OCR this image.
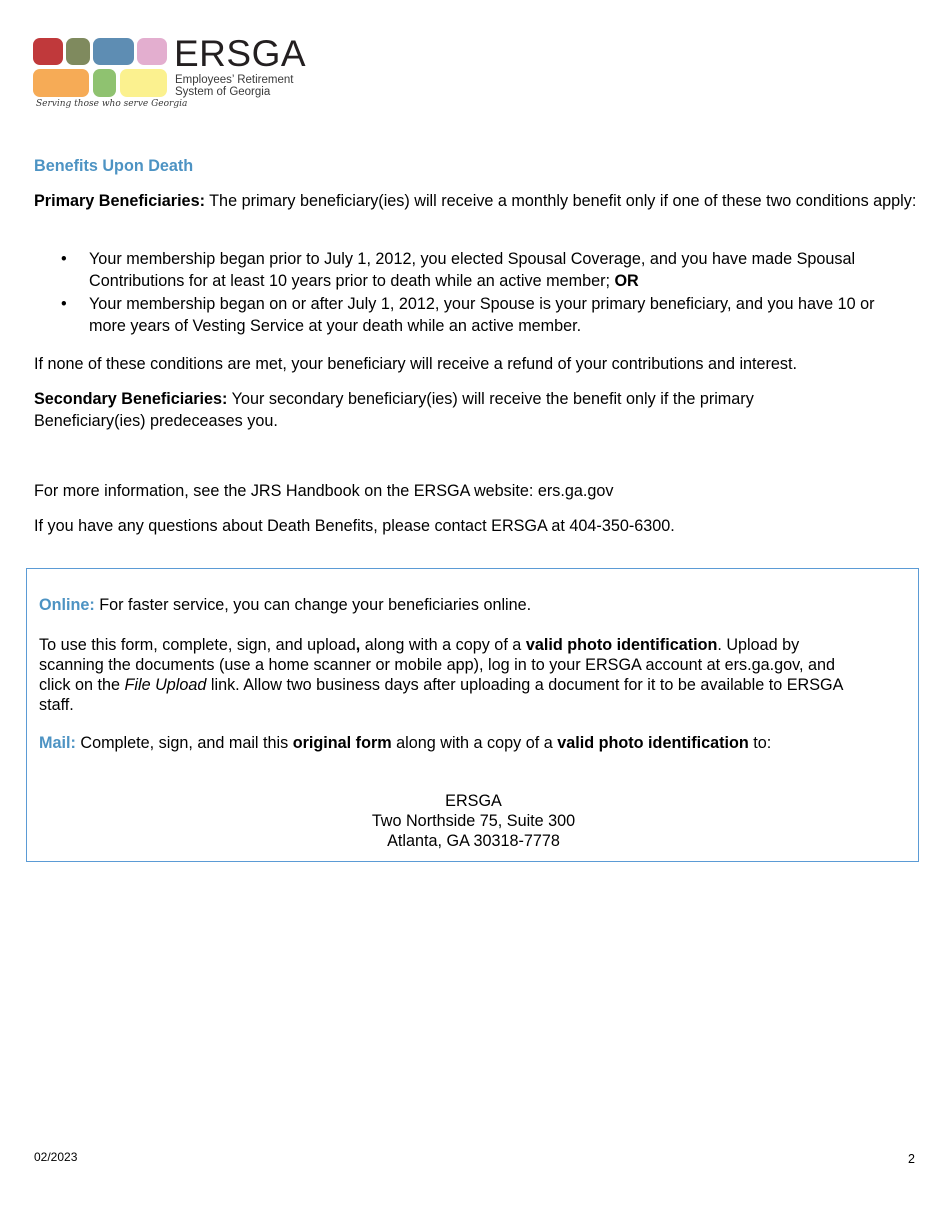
ERSGA
Employees’ Retirement
System of Georgia
Serving those who serve Georgia
Benefits Upon Death

Primary Beneficiaries: The primary beneficiary(ies) will receive a monthly benefit only if one of these two conditions apply:

• Your membership began prior to July 1, 2012, you elected Spousal Coverage, and you have made Spousal Contributions for at least 10 years prior to death while an active member; OR
• Your membership began on or after July 1, 2012, your Spouse is your primary beneficiary, and you have 10 or more years of Vesting Service at your death while an active member.

If none of these conditions are met, your beneficiary will receive a refund of your contributions and interest.

Secondary Beneficiaries: Your secondary beneficiary(ies) will receive the benefit only if the primary
Beneficiary(ies) predeceases you.

For more information, see the JRS Handbook on the ERSGA website: ers.ga.gov

If you have any questions about Death Benefits, please contact ERSGA at 404-350-6300.

Online: For faster service, you can change your beneficiaries online.

To use this form, complete, sign, and upload, along with a copy of a valid photo identification. Upload by

scanning the documents (use a home scanner or mobile app), log in to your ERSGA account at ers.ga.gov, and

click on the File Upload link. Allow two business days after uploading a document for it to be available to ERSGA

staff.

Mail: Complete, sign, and mail this original form along with a copy of a valid photo identification to:

ERSGA
Two Northside 75, Suite 300
Atlanta, GA 30318-7778
02/2023	2
